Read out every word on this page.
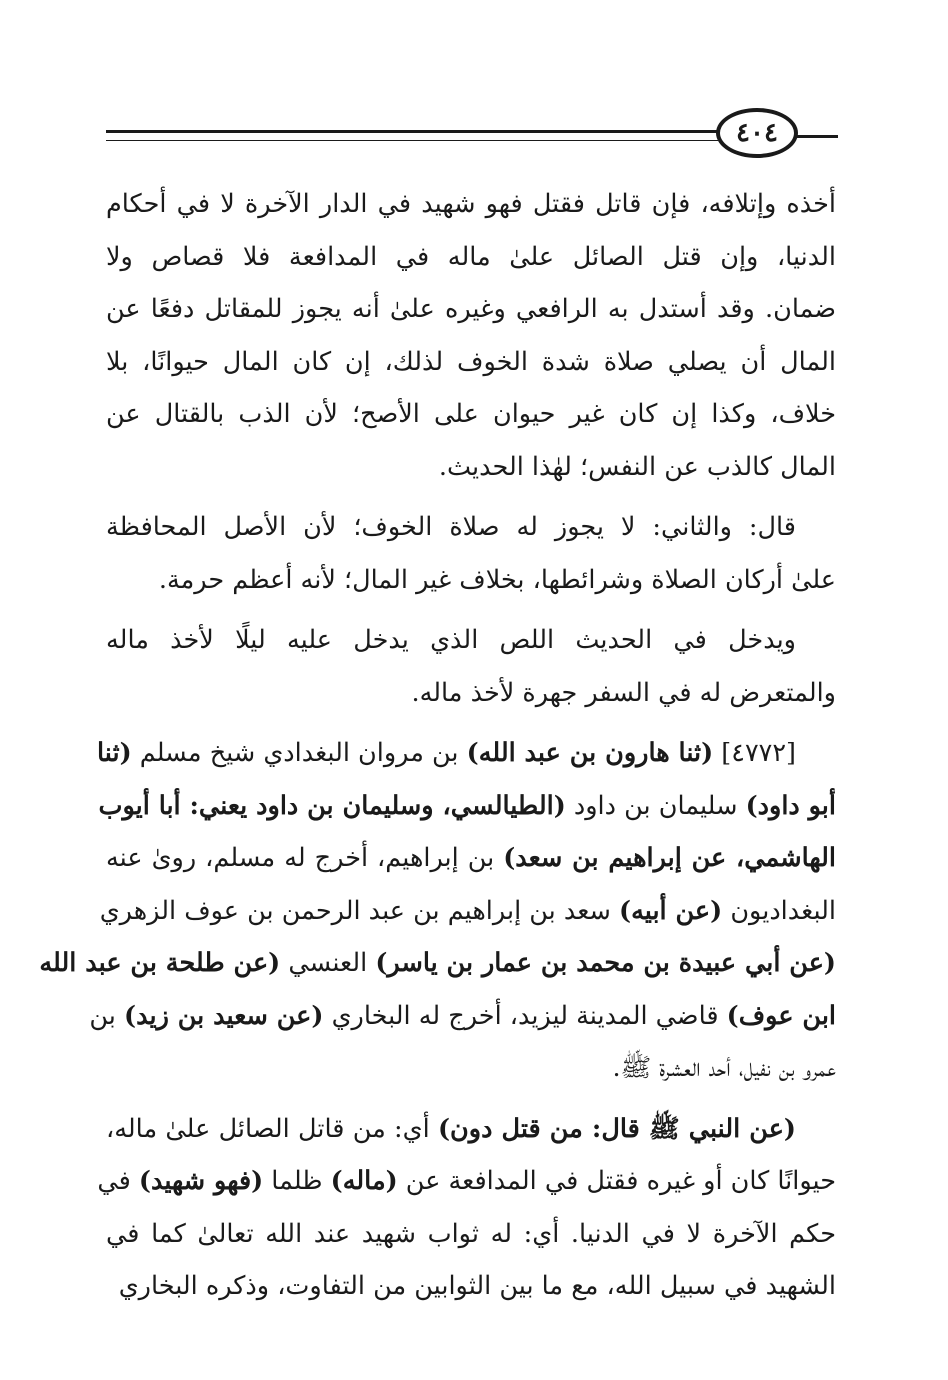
٤٠٤
أخذه وإتلافه، فإن قاتل فقتل فهو شهيد في الدار الآخرة لا في أحكام
الدنيا، وإن قتل الصائل علىٰ ماله في المدافعة فلا قصاص ولا
ضمان. وقد أستدل به الرافعي وغيره علىٰ أنه يجوز للمقاتل دفعًا عن
المال أن يصلي صلاة شدة الخوف لذلك، إن كان المال حيوانًا، بلا
خلاف، وكذا إن كان غير حيوان على الأصح؛ لأن الذب بالقتال عن
المال كالذب عن النفس؛ لهٰذا الحديث.
قال: والثاني: لا يجوز له صلاة الخوف؛ لأن الأصل المحافظة
علىٰ أركان الصلاة وشرائطها، بخلاف غير المال؛ لأنه أعظم حرمة.
ويدخل في الحديث اللص الذي يدخل عليه ليلًا لأخذ ماله
والمتعرض له في السفر جهرة لأخذ ماله.
[٤٧٧٢] (ثنا هارون بن عبد الله) بن مروان البغدادي شيخ مسلم (ثنا
أبو داود) سليمان بن داود (الطيالسي، وسليمان بن داود يعني: أبا أيوب
الهاشمي، عن إبراهيم بن سعد) بن إبراهيم، أخرج له مسلم، روىٰ عنه
البغداديون (عن أبيه) سعد بن إبراهيم بن عبد الرحمن بن عوف الزهري
(عن أبي عبيدة بن محمد بن عمار بن ياسر) العنسي (عن طلحة بن عبد الله
ابن عوف) قاضي المدينة ليزيد، أخرج له البخاري (عن سعيد بن زيد) بن
عمرو بن نفيل، أحد العشرة ﷺ.
(عن النبي ﷺ قال: من قتل دون) أي: من قاتل الصائل علىٰ ماله،
حيوانًا كان أو غيره فقتل في المدافعة عن (ماله) ظلما (فهو شهيد) في
حكم الآخرة لا في الدنيا. أي: له ثواب شهيد عند الله تعالىٰ كما في
الشهيد في سبيل الله، مع ما بين الثوابين من التفاوت، وذكره البخاري
